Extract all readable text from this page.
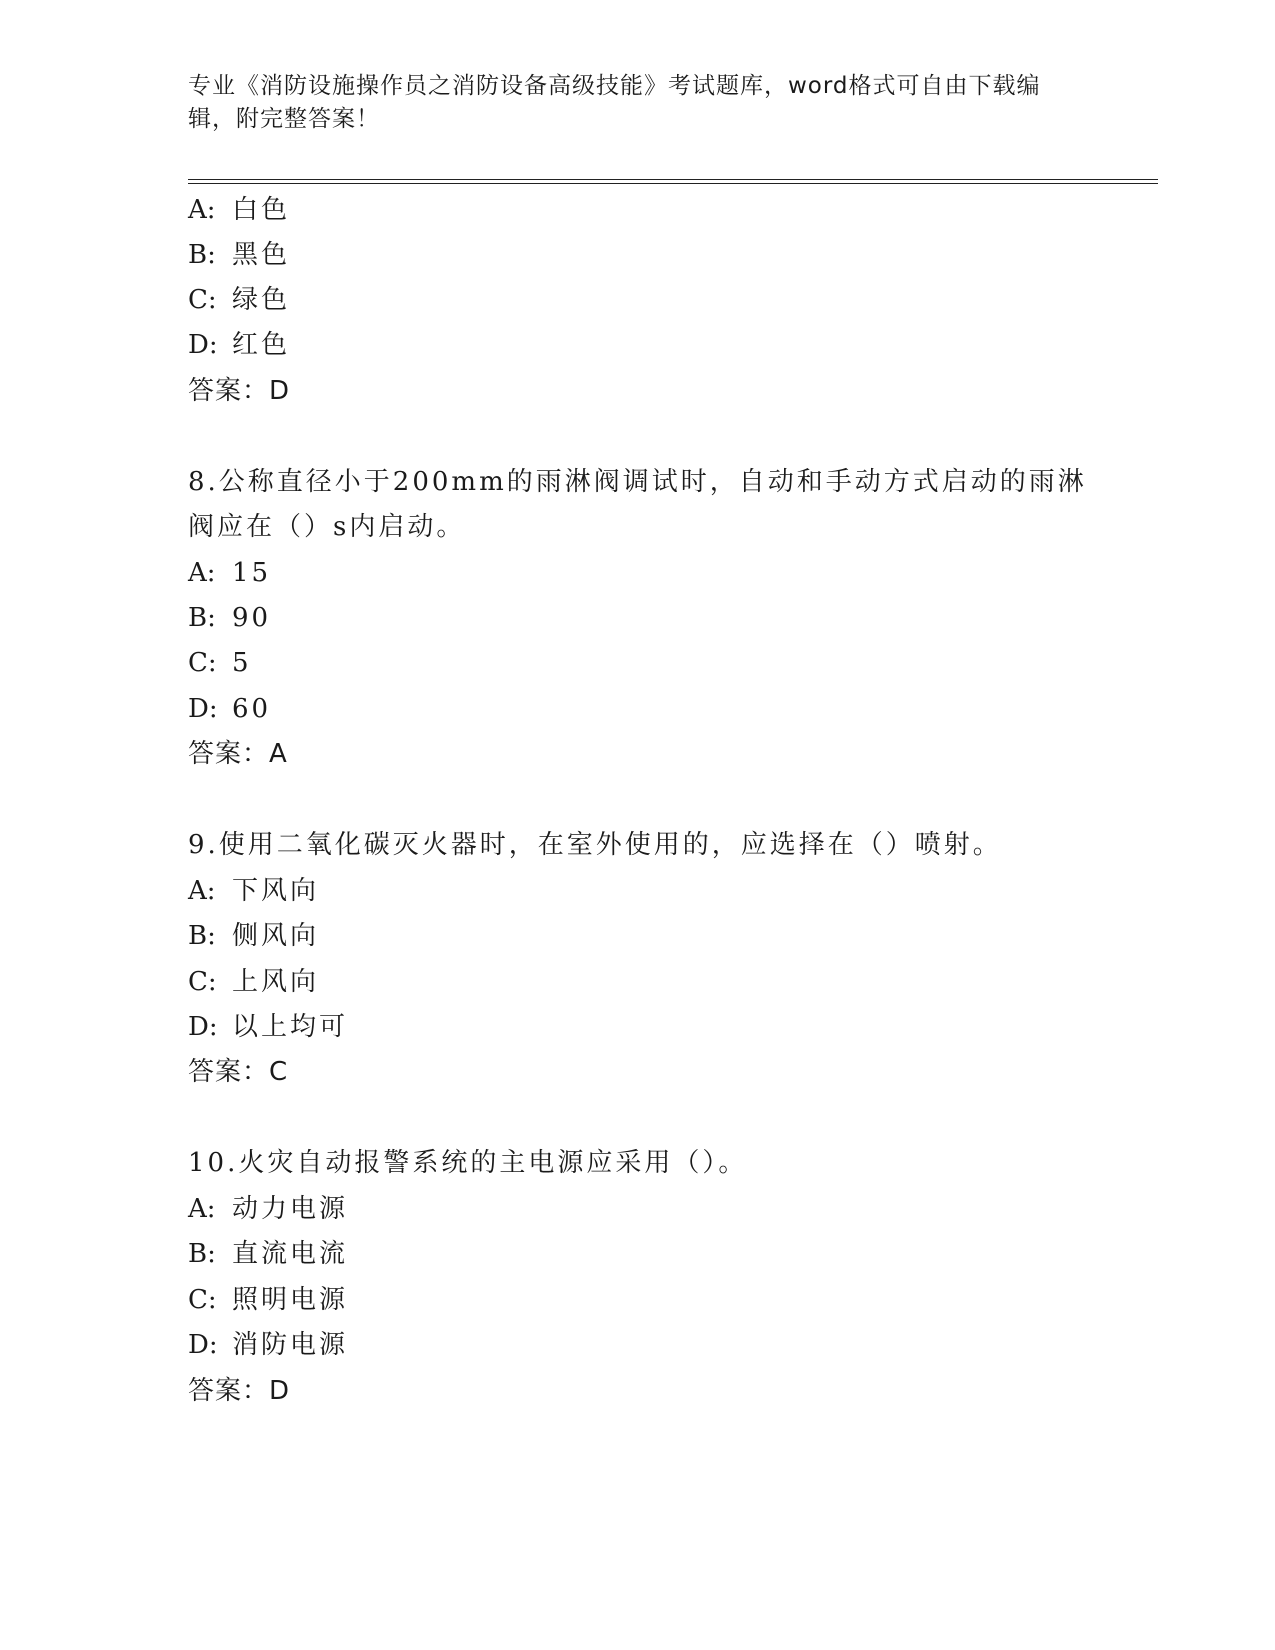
专业《消防设施操作员之消防设备高级技能》考试题库，word格式可自由下载编
辑，附完整答案！
A: 白色
B: 黑色
C: 绿色
D: 红色
答案：D
8.公称直径小于200mm的雨淋阀调试时，自动和手动方式启动的雨淋
阀应在（）s内启动。
A: 15
B: 90
C: 5
D: 60
答案：A
9.使用二氧化碳灭火器时，在室外使用的，应选择在（）喷射。
A: 下风向
B: 侧风向
C: 上风向
D: 以上均可
答案：C
10.火灾自动报警系统的主电源应采用（）。
A: 动力电源
B: 直流电流
C: 照明电源
D: 消防电源
答案：D
